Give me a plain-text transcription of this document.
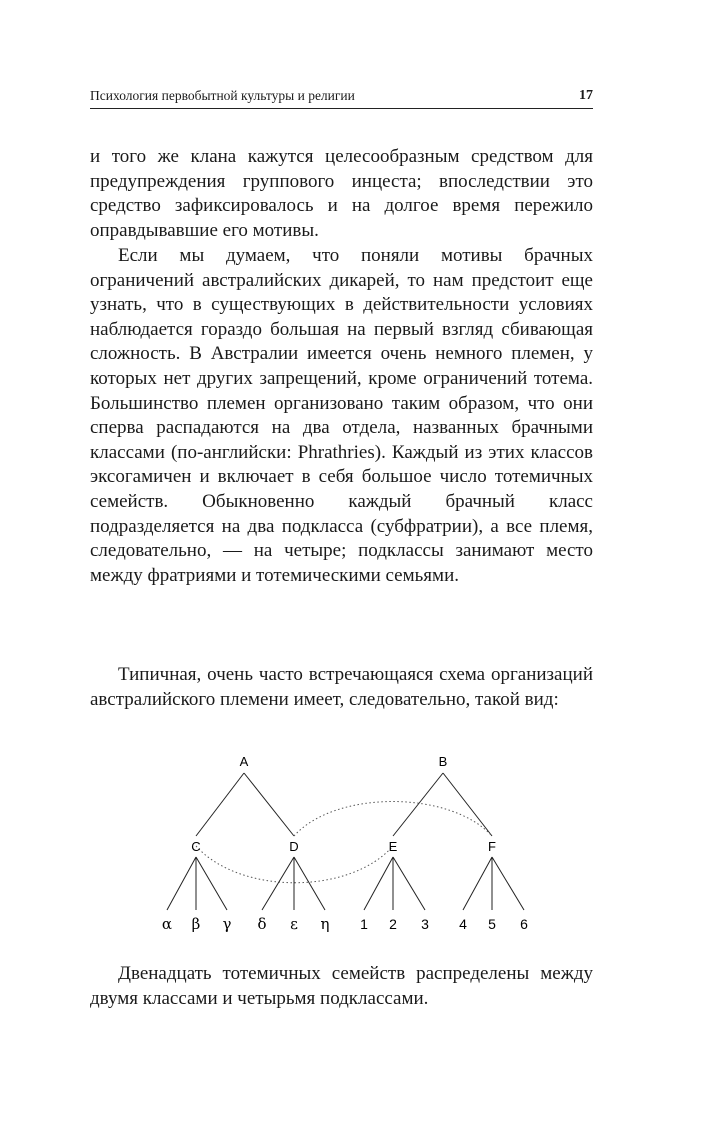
Психология первобытной культуры и религии	17

и того же клана кажутся целесообразным средством для предупреждения группового инцеста; впоследствии это средство зафиксировалось и на долгое время пережило оправдывавшие его мотивы.

Если мы думаем, что поняли мотивы брачных ограничений австралийских дикарей, то нам предстоит еще узнать, что в существующих в действительности условиях наблюдается гораздо большая на первый взгляд сбивающая сложность. В Австралии имеется очень немного племен, у которых нет других запрещений, кроме ограничений тотема. Большинство племен организовано таким образом, что они сперва распадаются на два отдела, названных брачными классами (по-английски: Phrathries). Каждый из этих классов эксогамичен и включает в себя большое число тотемичных семейств. Обыкновенно каждый брачный класс подразделяется на два подкласса (субфратрии), а все племя, следовательно, — на четыре; подклассы занимают место между фратриями и тотемическими семьями.

Типичная, очень часто встречающаяся схема организаций австралийского племени имеет, следовательно, такой вид:

A	B
C	D	E	F
α β γ δ ε η 1 2 3 4 5 6

Двенадцать тотемичных семейств распределены между двумя классами и четырьмя подклассами.
